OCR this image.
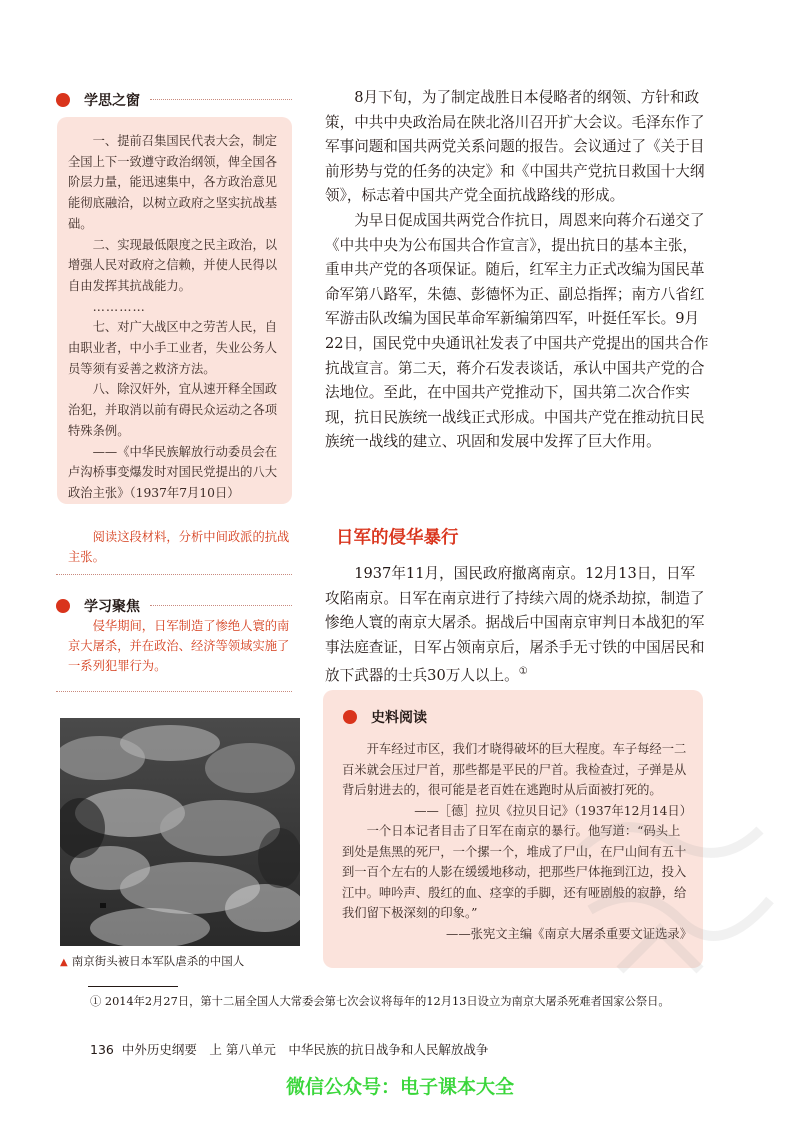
学思之窗

一、提前召集国民代表大会，制定全国上下一致遵守政治纲领，俾全国各阶层力量，能迅速集中，各方政治意见能彻底融洽，以树立政府之坚实抗战基础。

二、实现最低限度之民主政治，以增强人民对政府之信赖，并使人民得以自由发挥其抗战能力。

…………

七、对广大战区中之劳苦人民，自由职业者，中小手工业者，失业公务人员等须有妥善之救济方法。

八、除汉奸外，宜从速开释全国政治犯，并取消以前有碍民众运动之各项特殊条例。

——《中华民族解放行动委员会在卢沟桥事变爆发时对国民党提出的八大政治主张》（1937年7月10日）

阅读这段材料，分析中间政派的抗战主张。
学习聚焦
侵华期间，日军制造了惨绝人寰的南京大屠杀，并在政治、经济等领域实施了一系列犯罪行为。
▲ 南京街头被日本军队虐杀的中国人

8月下旬，为了制定战胜日本侵略者的纲领、方针和政策，中共中央政治局在陕北洛川召开扩大会议。毛泽东作了军事问题和国共两党关系问题的报告。会议通过了《关于目前形势与党的任务的决定》和《中国共产党抗日救国十大纲领》，标志着中国共产党全面抗战路线的形成。

为早日促成国共两党合作抗日，周恩来向蒋介石递交了《中共中央为公布国共合作宣言》，提出抗日的基本主张，重申共产党的各项保证。随后，红军主力正式改编为国民革命军第八路军，朱德、彭德怀为正、副总指挥；南方八省红军游击队改编为国民革命军新编第四军，叶挺任军长。9月22日，国民党中央通讯社发表了中国共产党提出的国共合作抗战宣言。第二天，蒋介石发表谈话，承认中国共产党的合法地位。至此，在中国共产党推动下，国共第二次合作实现，抗日民族统一战线正式形成。中国共产党在推动抗日民族统一战线的建立、巩固和发展中发挥了巨大作用。

日军的侵华暴行

1937年11月，国民政府撤离南京。12月13日，日军攻陷南京。日军在南京进行了持续六周的烧杀劫掠，制造了惨绝人寰的南京大屠杀。据战后中国南京审判日本战犯的军事法庭查证，日军占领南京后，屠杀手无寸铁的中国居民和放下武器的士兵30万人以上。①

史料阅读

开车经过市区，我们才晓得破坏的巨大程度。车子每经一二百米就会压过尸首，那些都是平民的尸首。我检查过，子弹是从背后射进去的，很可能是老百姓在逃跑时从后面被打死的。

——［德］拉贝《拉贝日记》（1937年12月14日）

一个日本记者目击了日军在南京的暴行。他写道：“码头上到处是焦黑的死尸，一个摞一个，堆成了尸山，在尸山间有五十到一百个左右的人影在缓缓地移动，把那些尸体拖到江边，投入江中。呻吟声、殷红的血、痉挛的手脚，还有哑剧般的寂静，给我们留下极深刻的印象。”

——张宪文主编《南京大屠杀重要文证选录》

① 2014年2月27日，第十二届全国人大常委会第七次会议将每年的12月13日设立为南京大屠杀死难者国家公祭日。
136 中外历史纲要　上 第八单元　中华民族的抗日战争和人民解放战争
微信公众号：电子课本大全
